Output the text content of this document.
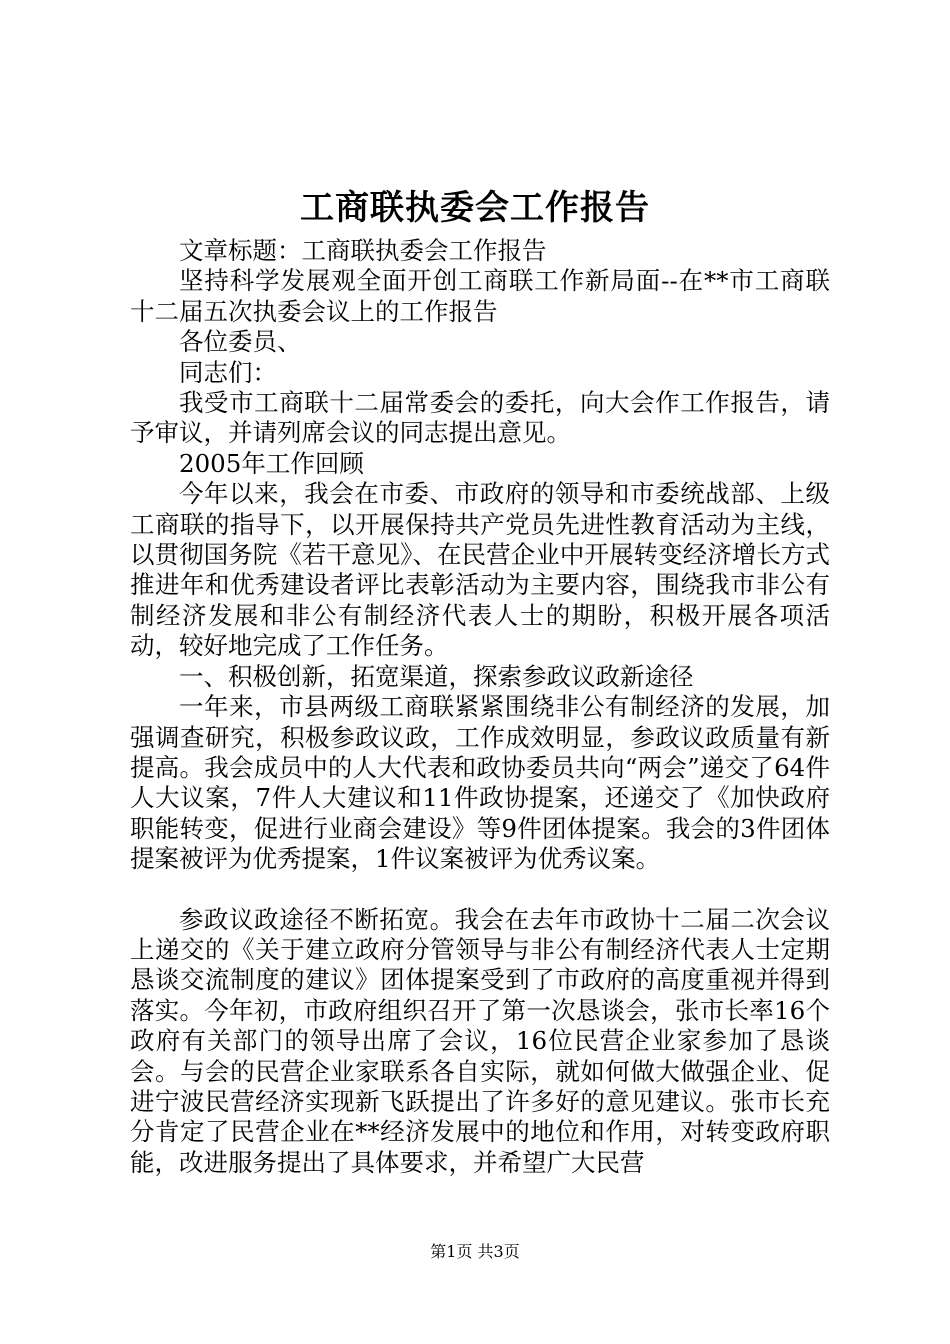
工商联执委会工作报告

文章标题：工商联执委会工作报告

坚持科学发展观全面开创工商联工作新局面--在**市工商联十二届五次执委会议上的工作报告

各位委员、

同志们：

我受市工商联十二届常委会的委托，向大会作工作报告，请予审议，并请列席会议的同志提出意见。

2005年工作回顾

今年以来，我会在市委、市政府的领导和市委统战部、上级工商联的指导下，以开展保持共产党员先进性教育活动为主线，以贯彻国务院《若干意见》、在民营企业中开展转变经济增长方式推进年和优秀建设者评比表彰活动为主要内容，围绕我市非公有制经济发展和非公有制经济代表人士的期盼，积极开展各项活动，较好地完成了工作任务。

一、积极创新，拓宽渠道，探索参政议政新途径

一年来，市县两级工商联紧紧围绕非公有制经济的发展，加强调查研究，积极参政议政，工作成效明显，参政议政质量有新提高。我会成员中的人大代表和政协委员共向“两会”递交了64件人大议案，7件人大建议和11件政协提案，还递交了《加快政府职能转变，促进行业商会建设》等9件团体提案。我会的3件团体提案被评为优秀提案，1件议案被评为优秀议案。

参政议政途径不断拓宽。我会在去年市政协十二届二次会议上递交的《关于建立政府分管领导与非公有制经济代表人士定期恳谈交流制度的建议》团体提案受到了市政府的高度重视并得到落实。今年初，市政府组织召开了第一次恳谈会，张市长率16个政府有关部门的领导出席了会议，16位民营企业家参加了恳谈会。与会的民营企业家联系各自实际，就如何做大做强企业、促进宁波民营经济实现新飞跃提出了许多好的意见建议。张市长充分肯定了民营企业在**经济发展中的地位和作用，对转变政府职能，改进服务提出了具体要求，并希望广大民营

第1页 共3页
